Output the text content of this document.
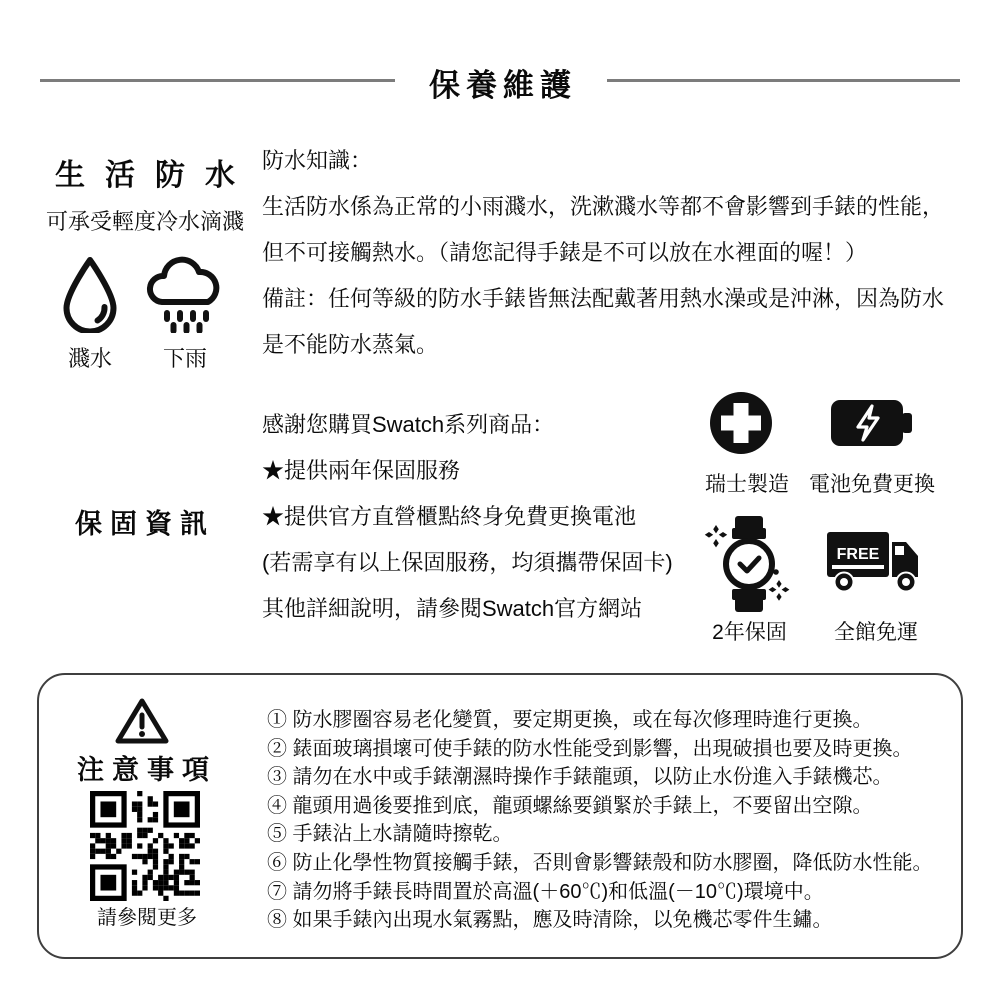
保養維護
生活防水
可承受輕度冷水滴濺
濺水	下雨
防水知識：
生活防水係為正常的小雨濺水，洗漱濺水等都不會影響到手錶的性能，
但不可接觸熱水。（請您記得手錶是不可以放在水裡面的喔！）
備註：任何等級的防水手錶皆無法配戴著用熱水澡或是沖淋，因為防水
是不能防水蒸氣。
保固資訊
感謝您購買Swatch系列商品：
★提供兩年保固服務
★提供官方直營櫃點終身免費更換電池
(若需享有以上保固服務，均須攜帶保固卡)
其他詳細說明，請參閱Swatch官方網站
瑞士製造 電池免費更換
FREE
2年保固	全館免運
注意事項
請參閱更多
① 防水膠圈容易老化變質，要定期更換，或在每次修理時進行更換。
② 錶面玻璃損壞可使手錶的防水性能受到影響，出現破損也要及時更換。
③ 請勿在水中或手錶潮濕時操作手錶龍頭，以防止水份進入手錶機芯。
④ 龍頭用過後要推到底，龍頭螺絲要鎖緊於手錶上，不要留出空隙。
⑤ 手錶沾上水請隨時擦乾。
⑥ 防止化學性物質接觸手錶，否則會影響錶殼和防水膠圈，降低防水性能。
⑦ 請勿將手錶長時間置於高溫(＋60℃)和低溫(－10℃)環境中。
⑧ 如果手錶內出現水氣霧點，應及時清除，以免機芯零件生鏽。
